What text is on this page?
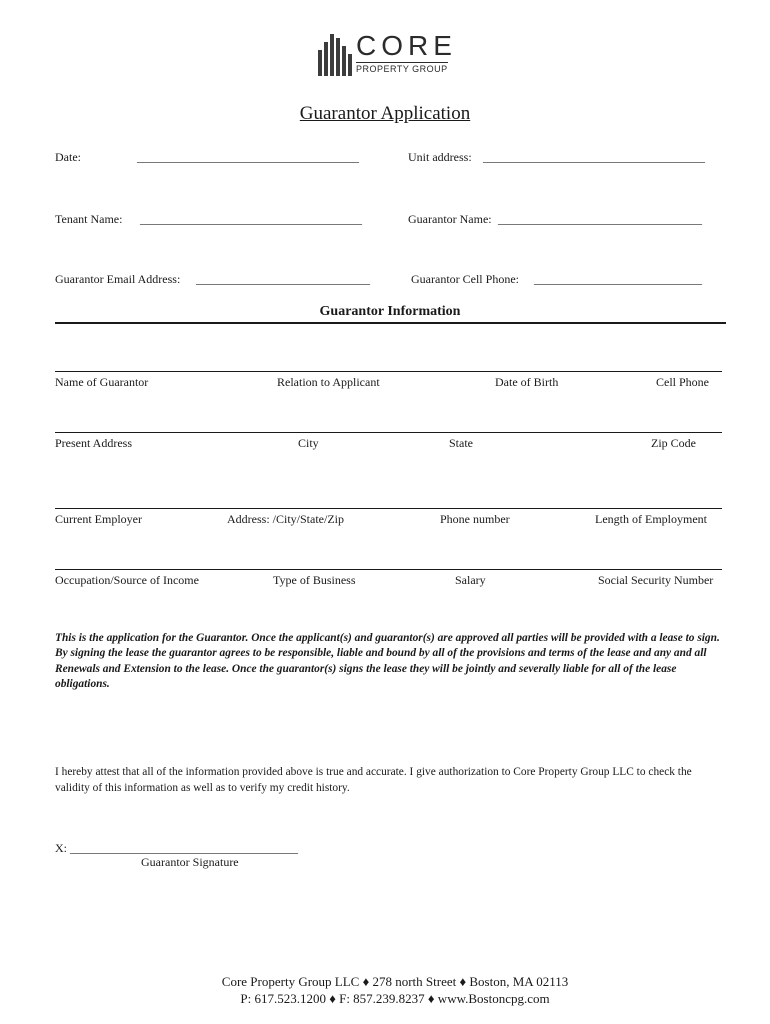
CORE
PROPERTY GROUP
Guarantor Application
Date:	_____________________________________	Unit address: _____________________________________
Tenant Name: _____________________________________	Guarantor Name: __________________________________
Guarantor Email Address: _____________________________	Guarantor Cell Phone: ____________________________
Guarantor Information
Name of Guarantor	Relation to Applicant	Date of Birth	Cell Phone
Present Address	City	State	Zip Code
Current Employer	Address: /City/State/Zip	Phone number	Length of Employment
Occupation/Source of Income	Type of Business	Salary	Social Security Number
This is the application for the Guarantor. Once the applicant(s) and guarantor(s) are approved all parties will be provided with a lease to sign. By signing the lease the guarantor agrees to be responsible, liable and bound by all of the provisions and terms of the lease and any and all Renewals and Extension to the lease. Once the guarantor(s) signs the lease they will be jointly and severally liable for all of the lease obligations.
I hereby attest that all of the information provided above is true and accurate. I give authorization to Core Property Group LLC to check the validity of this information as well as to verify my credit history.
X: ______________________________________
Guarantor Signature
Core Property Group LLC ♦ 278 north Street ♦ Boston, MA 02113
P: 617.523.1200 ♦ F: 857.239.8237 ♦ www.Bostoncpg.com
